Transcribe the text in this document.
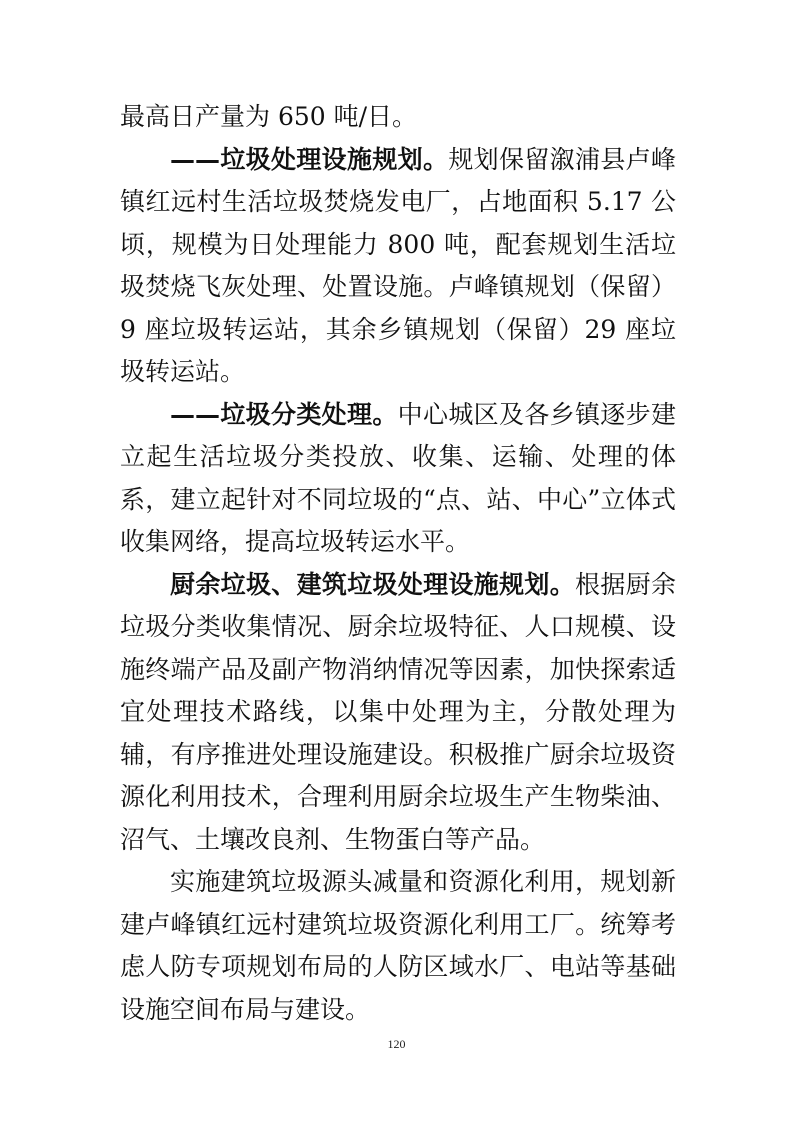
最高日产量为 650 吨/日。

——垃圾处理设施规划。规划保留溆浦县卢峰镇红远村生活垃圾焚烧发电厂，占地面积 5.17 公顷，规模为日处理能力 800 吨，配套规划生活垃圾焚烧飞灰处理、处置设施。卢峰镇规划（保留）9 座垃圾转运站，其余乡镇规划（保留）29 座垃圾转运站。

——垃圾分类处理。中心城区及各乡镇逐步建立起生活垃圾分类投放、收集、运输、处理的体系，建立起针对不同垃圾的“点、站、中心”立体式收集网络，提高垃圾转运水平。

厨余垃圾、建筑垃圾处理设施规划。根据厨余垃圾分类收集情况、厨余垃圾特征、人口规模、设施终端产品及副产物消纳情况等因素，加快探索适宜处理技术路线，以集中处理为主，分散处理为辅，有序推进处理设施建设。积极推广厨余垃圾资源化利用技术，合理利用厨余垃圾生产生物柴油、沼气、土壤改良剂、生物蛋白等产品。

实施建筑垃圾源头减量和资源化利用，规划新建卢峰镇红远村建筑垃圾资源化利用工厂。统筹考虑人防专项规划布局的人防区域水厂、电站等基础设施空间布局与建设。

120
